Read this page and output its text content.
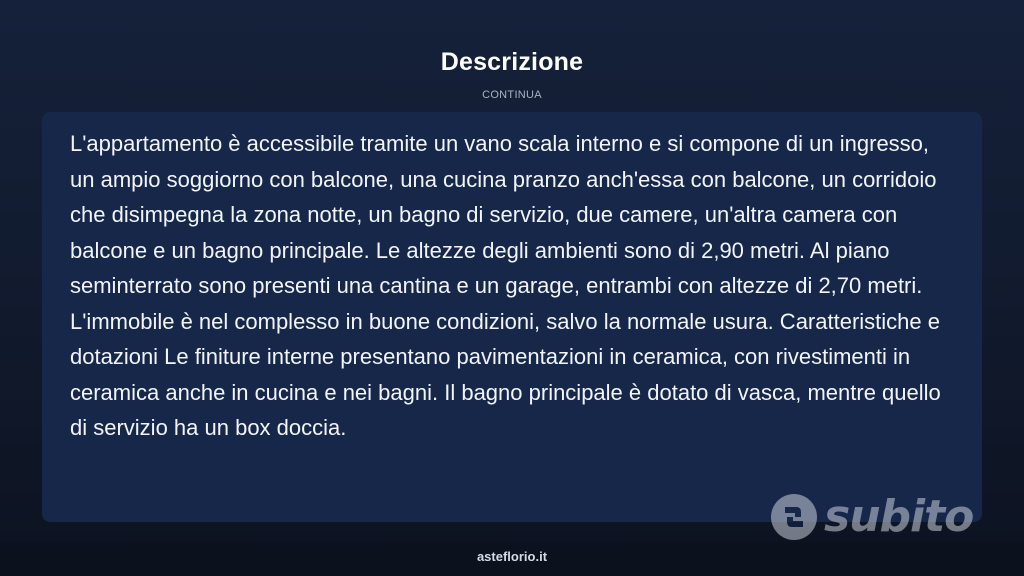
Descrizione
CONTINUA

L'appartamento è accessibile tramite un vano scala interno e si compone di un ingresso, un ampio soggiorno con balcone, una cucina pranzo anch'essa con balcone, un corridoio che disimpegna la zona notte, un bagno di servizio, due camere, un'altra camera con balcone e un bagno principale. Le altezze degli ambienti sono di 2,90 metri. Al piano seminterrato sono presenti una cantina e un garage, entrambi con altezze di 2,70 metri. L'immobile è nel complesso in buone condizioni, salvo la normale usura. Caratteristiche e dotazioni Le finiture interne presentano pavimentazioni in ceramica, con rivestimenti in ceramica anche in cucina e nei bagni. Il bagno principale è dotato di vasca, mentre quello di servizio ha un box doccia.

subito
asteflorio.it
